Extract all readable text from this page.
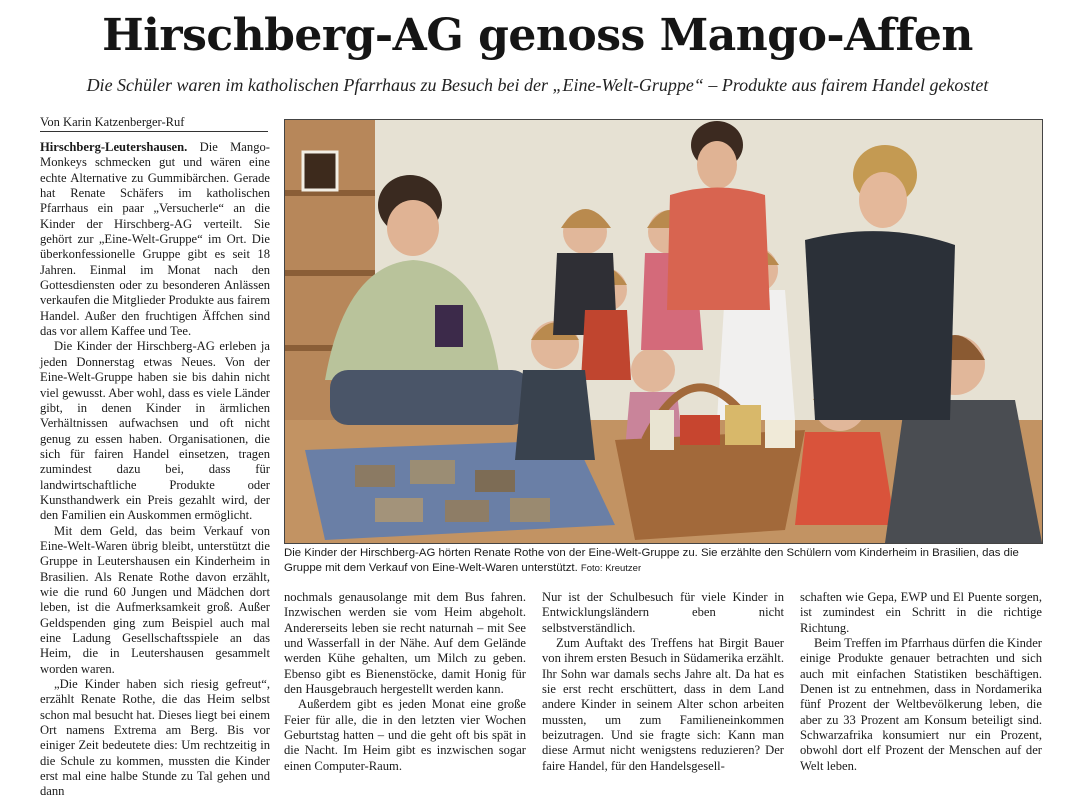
Hirschberg-AG genoss Mango-Affen
Die Schüler waren im katholischen Pfarrhaus zu Besuch bei der „Eine-Welt-Gruppe“ – Produkte aus fairem Handel gekostet
Von Karin Katzenberger-Ruf

Hirschberg-Leutershausen. Die Mango-Monkeys schmecken gut und wären eine echte Alternative zu Gummibärchen. Gerade hat Renate Schäfers im katholischen Pfarrhaus ein paar „Versucherle“ an die Kinder der Hirschberg-AG verteilt. Sie gehört zur „Eine-Welt-Gruppe“ im Ort. Die überkonfessionelle Gruppe gibt es seit 18 Jahren. Einmal im Monat nach den Gottesdiensten oder zu besonderen Anlässen verkaufen die Mitglieder Produkte aus fairem Handel. Außer den fruchtigen Äffchen sind das vor allem Kaffee und Tee.

Die Kinder der Hirschberg-AG erleben ja jeden Donnerstag etwas Neues. Von der Eine-Welt-Gruppe haben sie bis dahin nicht viel gewusst. Aber wohl, dass es viele Länder gibt, in denen Kinder in ärmlichen Verhältnissen aufwachsen und oft nicht genug zu essen haben. Organisationen, die sich für fairen Handel einsetzen, tragen zumindest dazu bei, dass für landwirtschaftliche Produkte oder Kunsthandwerk ein Preis gezahlt wird, der den Familien ein Auskommen ermöglicht.

Mit dem Geld, das beim Verkauf von Eine-Welt-Waren übrig bleibt, unterstützt die Gruppe in Leutershausen ein Kinderheim in Brasilien. Als Renate Rothe davon erzählt, wie die rund 60 Jungen und Mädchen dort leben, ist die Aufmerksamkeit groß. Außer Geldspenden ging zum Beispiel auch mal eine Ladung Gesellschaftsspiele an das Heim, die in Leutershausen gesammelt worden waren.

„Die Kinder haben sich riesig gefreut“, erzählt Renate Rothe, die das Heim selbst schon mal besucht hat. Dieses liegt bei einem Ort namens Extrema am Berg. Bis vor einiger Zeit bedeutete dies: Um rechtzeitig in die Schule zu kommen, mussten die Kinder erst mal eine halbe Stunde zu Tal gehen und dann

Die Kinder der Hirschberg-AG hörten Renate Rothe von der Eine-Welt-Gruppe zu. Sie erzählte den Schülern vom Kinderheim in Brasilien, das die Gruppe mit dem Verkauf von Eine-Welt-Waren unterstützt. Foto: Kreutzer

nochmals genausolange mit dem Bus fahren. Inzwischen werden sie vom Heim abgeholt. Andererseits leben sie recht naturnah – mit See und Wasserfall in der Nähe. Auf dem Gelände werden Kühe gehalten, um Milch zu geben. Ebenso gibt es Bienenstöcke, damit Honig für den Hausgebrauch hergestellt werden kann.

Außerdem gibt es jeden Monat eine große Feier für alle, die in den letzten vier Wochen Geburtstag hatten – und die geht oft bis spät in die Nacht. Im Heim gibt es inzwischen sogar einen Computer-Raum.

Nur ist der Schulbesuch für viele Kinder in Entwicklungsländern eben nicht selbstverständlich.

Zum Auftakt des Treffens hat Birgit Bauer von ihrem ersten Besuch in Südamerika erzählt. Ihr Sohn war damals sechs Jahre alt. Da hat es sie erst recht erschüttert, dass in dem Land andere Kinder in seinem Alter schon arbeiten mussten, um zum Familieneinkommen beizutragen. Und sie fragte sich: Kann man diese Armut nicht wenigstens reduzieren? Der faire Handel, für den Handelsgesell-

schaften wie Gepa, EWP und El Puente sorgen, ist zumindest ein Schritt in die richtige Richtung.

Beim Treffen im Pfarrhaus dürfen die Kinder einige Produkte genauer betrachten und sich auch mit einfachen Statistiken beschäftigen. Denen ist zu entnehmen, dass in Nordamerika fünf Prozent der Weltbevölkerung leben, die aber zu 33 Prozent am Konsum beteiligt sind. Schwarzafrika konsumiert nur ein Prozent, obwohl dort elf Prozent der Menschen auf der Welt leben.
